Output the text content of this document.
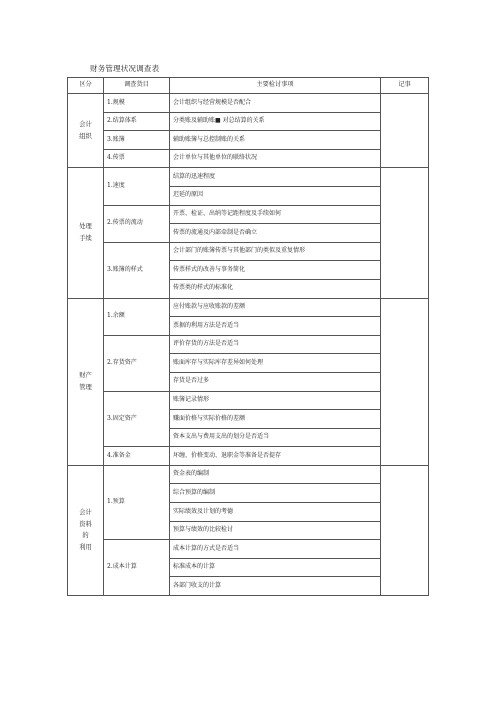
财务管理状况调查表
区分	调查货目	主要检讨事项	记事

会计
组织	1.规模	会计组织与经营规模是否配合	
	2.结算体系	分类账及辅助账■ 对总结算的关系	
	3.账簿	辅助账簿与总控制账的关系	
	4.传票	会计单位与其他单位的联络状况	

处理
手续	1.速度	结算的迅速程度	
		迟延的原因	
	2.传票的流动	开票、检证、出纳等记距程度及手续如何	
		传票的流通及内部牵制是否确立	
	3.账簿的样式	会计部门的账簿传票与其他部门的类似及重复情形	
		传票样式的改善与事务简化	
		传票类的样式的标准化	

财产
管理	1.余额	应付账款与应收账款的差额	
		票据的利用方法是否适当	
	2.存货资产	评价存货的方法是否适当	
		账面库存与实际库存差异如何处理	
		存货是否过多	
	3.固定资产	账簿记录情形	
		赚面价格与实际价格的差额	
		资本支出与费用支出的划分是否适当	
	4.准备金	坏缠、价格变动、退职金等准备是否提存	

会计
资料
的
利用	1.预算	资金表的编制	
		综合预算的编制	
		实际绩效及计划的考德	
		预算与绩效的比较检讨	
	2.成本计算	成本计算的方式是否适当	
		标准成本的计算	
		各部门收支的计算	
